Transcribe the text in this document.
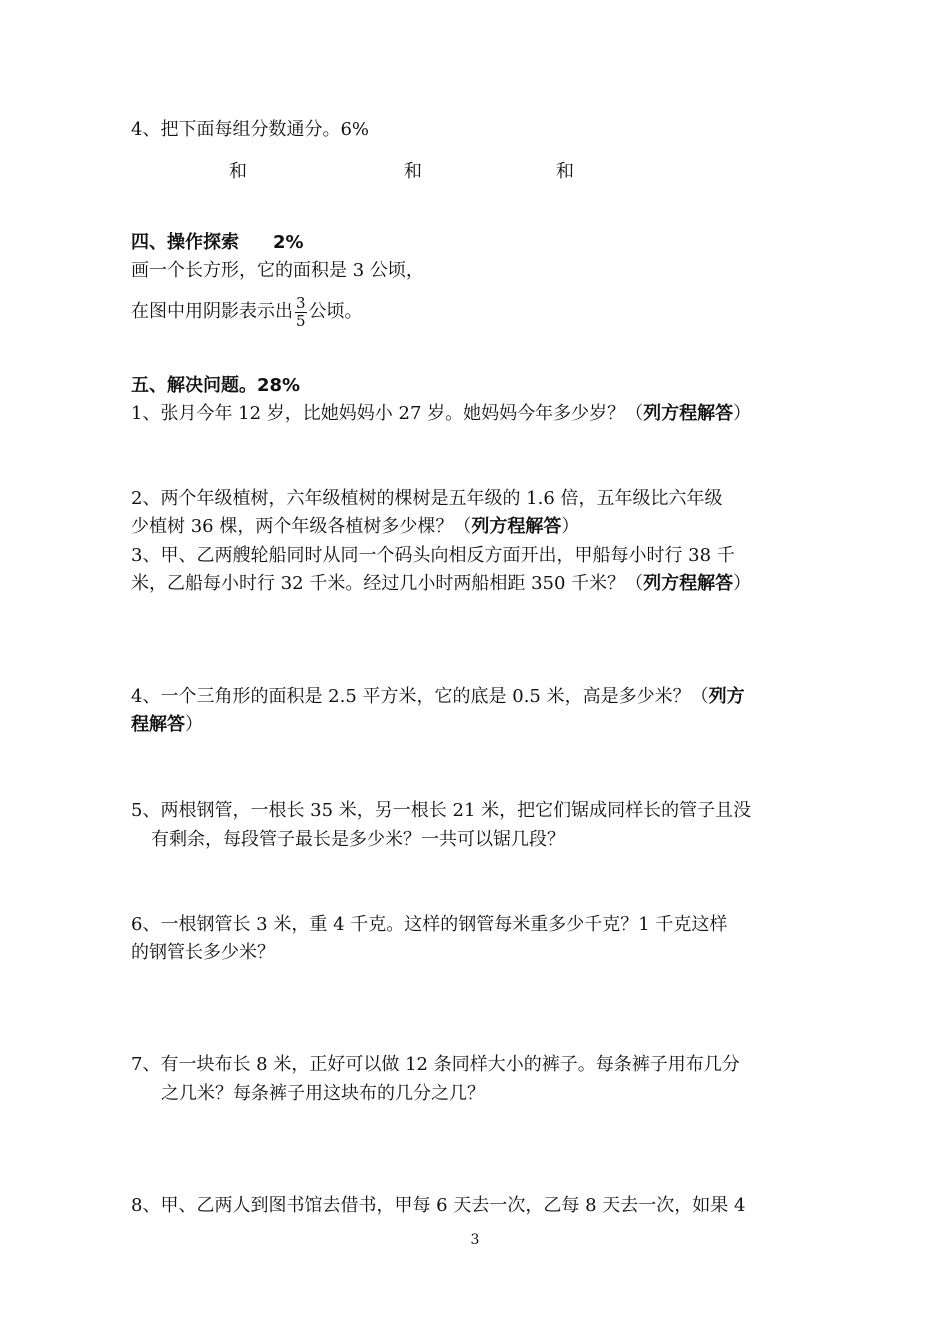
4、把下面每组分数通分。6%
和	和	和
四、操作探索 2%
画一个长方形，它的面积是 3 公顷，
在图中用阴影表示出 $\frac{3}{5}$ 公顷。
五、解决问题。28%
1、张月今年 12 岁，比她妈妈小 27 岁。她妈妈今年多少岁？（列方程解答）
2、两个年级植树，六年级植树的棵树是五年级的 1.6 倍，五年级比六年级
少植树 36 棵，两个年级各植树多少棵？（列方程解答）
3、甲、乙两艘轮船同时从同一个码头向相反方面开出，甲船每小时行 38 千
米，乙船每小时行 32 千米。经过几小时两船相距 350 千米？（列方程解答）
4、一个三角形的面积是 2.5 平方米，它的底是 0.5 米，高是多少米？（列方
程解答）
5、两根钢管，一根长 35 米，另一根长 21 米，把它们锯成同样长的管子且没
有剩余，每段管子最长是多少米？一共可以锯几段？
6、一根钢管长 3 米，重 4 千克。这样的钢管每米重多少千克？1 千克这样
的钢管长多少米？
7、有一块布长 8 米，正好可以做 12 条同样大小的裤子。每条裤子用布几分
之几米？每条裤子用这块布的几分之几？
8、甲、乙两人到图书馆去借书，甲每 6 天去一次，乙每 8 天去一次，如果 4
3
